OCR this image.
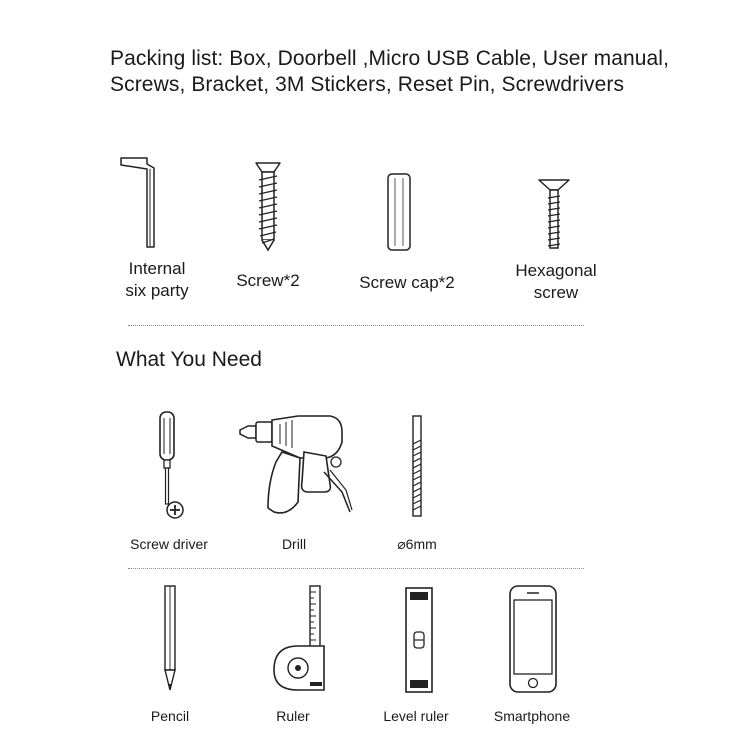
Packing list: Box, Doorbell ,Micro USB Cable, User manual, Screws, Bracket, 3M Stickers, Reset Pin, Screwdrivers

Internal
six party
Screw*2	Screw cap*2
Hexagonal
screw
What You Need
Screw driver	Drill	⌀6mm
Pencil	Ruler	Level ruler	Smartphone
